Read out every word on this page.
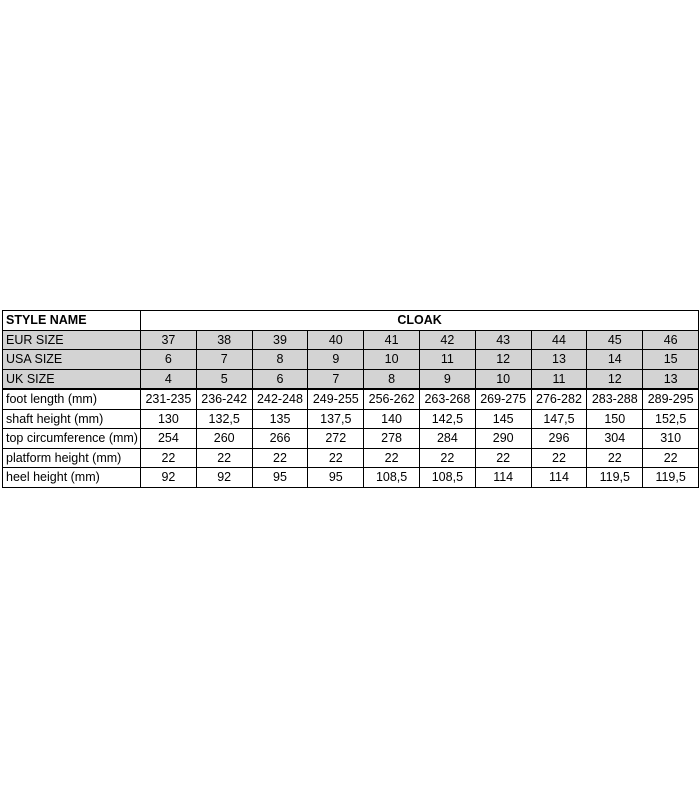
STYLE NAME	CLOAK									
EUR SIZE	37	38	39	40	41	42	43	44	45	46
USA SIZE	6	7	8	9	10	11	12	13	14	15
UK SIZE	4	5	6	7	8	9	10	11	12	13
foot length (mm)	231-235	236-242	242-248	249-255	256-262	263-268	269-275	276-282	283-288	289-295
shaft height (mm)	130	132,5	135	137,5	140	142,5	145	147,5	150	152,5
top circumference (mm)	254	260	266	272	278	284	290	296	304	310
platform height (mm)	22	22	22	22	22	22	22	22	22	22
heel height (mm)	92	92	95	95	108,5	108,5	114	114	119,5	119,5
